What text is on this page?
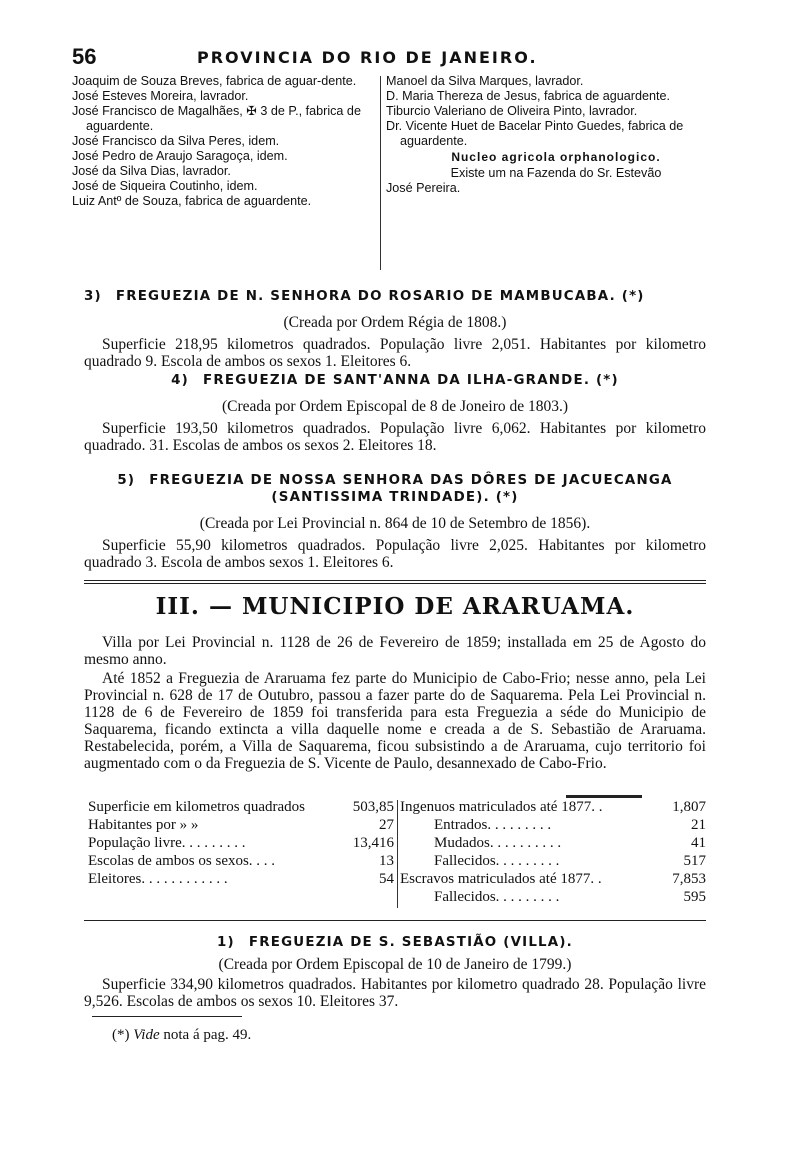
56	PROVINCIA DO RIO DE JANEIRO.

Joaquim de Souza Breves, fabrica de aguar-dente.

José Esteves Moreira, lavrador.

José Francisco de Magalhães, ✠ 3 de P., fabrica de aguardente.

José Francisco da Silva Peres, idem.

José Pedro de Araujo Saragoça, idem.

José da Silva Dias, lavrador.

José de Siqueira Coutinho, idem.

Luiz Antº de Souza, fabrica de aguardente.

Manoel da Silva Marques, lavrador.

D. Maria Thereza de Jesus, fabrica de aguardente.

Tiburcio Valeriano de Oliveira Pinto, lavrador.

Dr. Vicente Huet de Bacelar Pinto Guedes, fabrica de aguardente.

Nucleo agricola orphanologico.

Existe um na Fazenda do Sr. Estevão

José Pereira.

3) FREGUEZIA DE N. SENHORA DO ROSARIO DE MAMBUCABA. (*)
(Creada por Ordem Régia de 1808.)
Superficie 218,95 kilometros quadrados. População livre 2,051. Habitantes por kilometro quadrado 9. Escola de ambos os sexos 1. Eleitores 6.
4) FREGUEZIA DE SANT'ANNA DA ILHA-GRANDE. (*)
(Creada por Ordem Episcopal de 8 de Joneiro de 1803.)
Superficie 193,50 kilometros quadrados. População livre 6,062. Habitantes por kilometro quadrado. 31. Escolas de ambos os sexos 2. Eleitores 18.
5) FREGUEZIA DE NOSSA SENHORA DAS DÔRES DE JACUECANGA (SANTISSIMA TRINDADE). (*)
(Creada por Lei Provincial n. 864 de 10 de Setembro de 1856).
Superficie 55,90 kilometros quadrados. População livre 2,025. Habitantes por kilometro quadrado 3. Escola de ambos sexos 1. Eleitores 6.
III. — MUNICIPIO DE ARARUAMA.
Villa por Lei Provincial n. 1128 de 26 de Fevereiro de 1859; installada em 25 de Agosto do mesmo anno.
Até 1852 a Freguezia de Araruama fez parte do Municipio de Cabo-Frio; nesse anno, pela Lei Provincial n. 628 de 17 de Outubro, passou a fazer parte do de Saquarema. Pela Lei Provincial n. 1128 de 6 de Fevereiro de 1859 foi transferida para esta Freguezia a séde do Municipio de Saquarema, ficando extincta a villa daquelle nome e creada a de S. Sebastião de Araruama. Restabelecida, porém, a Villa de Saquarema, ficou subsistindo a de Araruama, cujo territorio foi augmentado com o da Freguezia de S. Vicente de Paulo, desannexado de Cabo-Frio.
Superficie em kilometros quadrados	503,85
Habitantes por » »	27
População livre. . . . . . . . .	13,416
Escolas de ambos os sexos. . . .	13
Eleitores. . . . . . . . . . . .	54
Ingenuos matriculados até 1877. .	1,807
Entrados. . . . . . . . .	21
Mudados. . . . . . . . . .	41
Fallecidos. . . . . . . . .	517
Escravos matriculados até 1877. .	7,853
Fallecidos. . . . . . . . .	595
1) FREGUEZIA DE S. SEBASTIÃO (VILLA).
(Creada por Ordem Episcopal de 10 de Janeiro de 1799.)
Superficie 334,90 kilometros quadrados. Habitantes por kilometro quadrado 28. População livre 9,526. Escolas de ambos os sexos 10. Eleitores 37.
(*) Vide nota á pag. 49.
